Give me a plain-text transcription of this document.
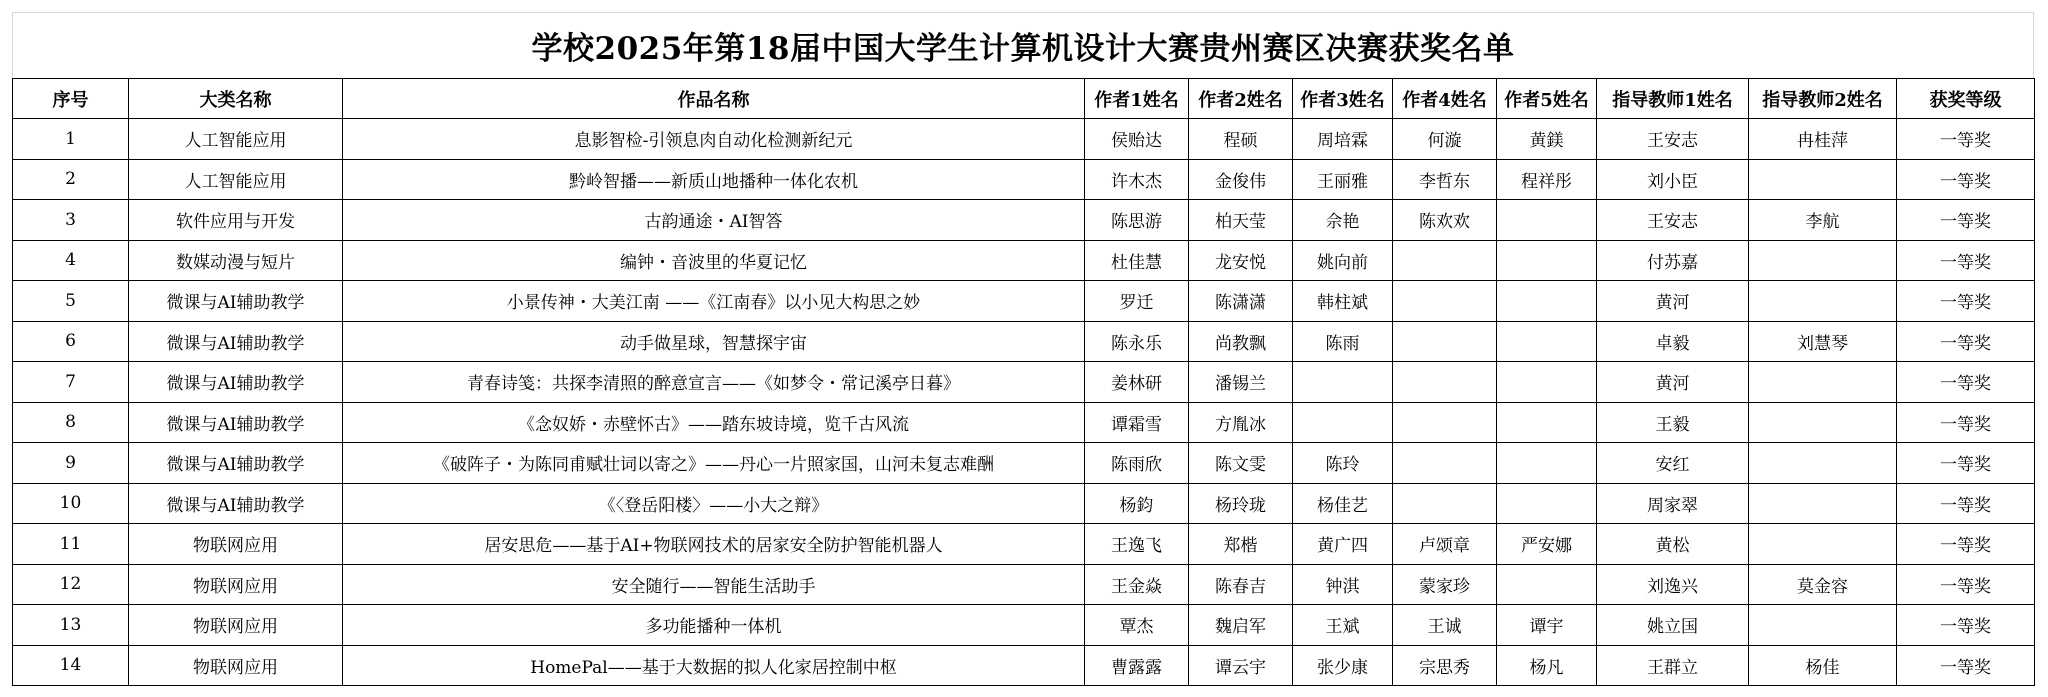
学校2025年第18届中国大学生计算机设计大赛贵州赛区决赛获奖名单
序号	大类名称	作品名称	作者1姓名	作者2姓名	作者3姓名	作者4姓名	作者5姓名	指导教师1姓名	指导教师2姓名	获奖等级
1	人工智能应用	息影智检-引领息肉自动化检测新纪元	侯贻达	程硕	周培霖	何漩	黄鎂	王安志	冉桂萍	一等奖
2	人工智能应用	黔岭智播——新质山地播种一体化农机	许木杰	金俊伟	王丽雅	李哲东	程祥彤	刘小臣		一等奖
3	软件应用与开发	古韵通途・AI智答	陈思游	柏天莹	佘艳	陈欢欢		王安志	李航	一等奖
4	数媒动漫与短片	编钟・音波里的华夏记忆	杜佳慧	龙安悦	姚向前			付苏嘉		一等奖
5	微课与AI辅助教学	小景传神・大美江南 ——《江南春》以小见大构思之妙	罗迁	陈潇潇	韩柱斌			黄河		一等奖
6	微课与AI辅助教学	动手做星球，智慧探宇宙	陈永乐	尚教飘	陈雨			卓毅	刘慧琴	一等奖
7	微课与AI辅助教学	青春诗笺：共探李清照的醉意宣言——《如梦令・常记溪亭日暮》	姜林研	潘锡兰				黄河		一等奖
8	微课与AI辅助教学	《念奴娇・赤壁怀古》——踏东坡诗境，览千古风流	谭霜雪	方胤冰				王毅		一等奖
9	微课与AI辅助教学	《破阵子・为陈同甫赋壮词以寄之》——丹心一片照家国，山河未复志难酬	陈雨欣	陈文雯	陈玲			安红		一等奖
10	微课与AI辅助教学	《〈登岳阳楼〉——小大之辩》	杨鈞	杨玲珑	杨佳艺			周家翠		一等奖
11	物联网应用	居安思危——基于AI+物联网技术的居家安全防护智能机器人	王逸飞	郑楷	黄广四	卢颂章	严安娜	黄松		一等奖
12	物联网应用	安全随行——智能生活助手	王金焱	陈春吉	钟淇	蒙家珍		刘逸兴	莫金容	一等奖
13	物联网应用	多功能播种一体机	覃杰	魏启军	王斌	王诚	谭宇	姚立国		一等奖
14	物联网应用	HomePal——基于大数据的拟人化家居控制中枢	曹露露	谭云宇	张少康	宗思秀	杨凡	王群立	杨佳	一等奖
